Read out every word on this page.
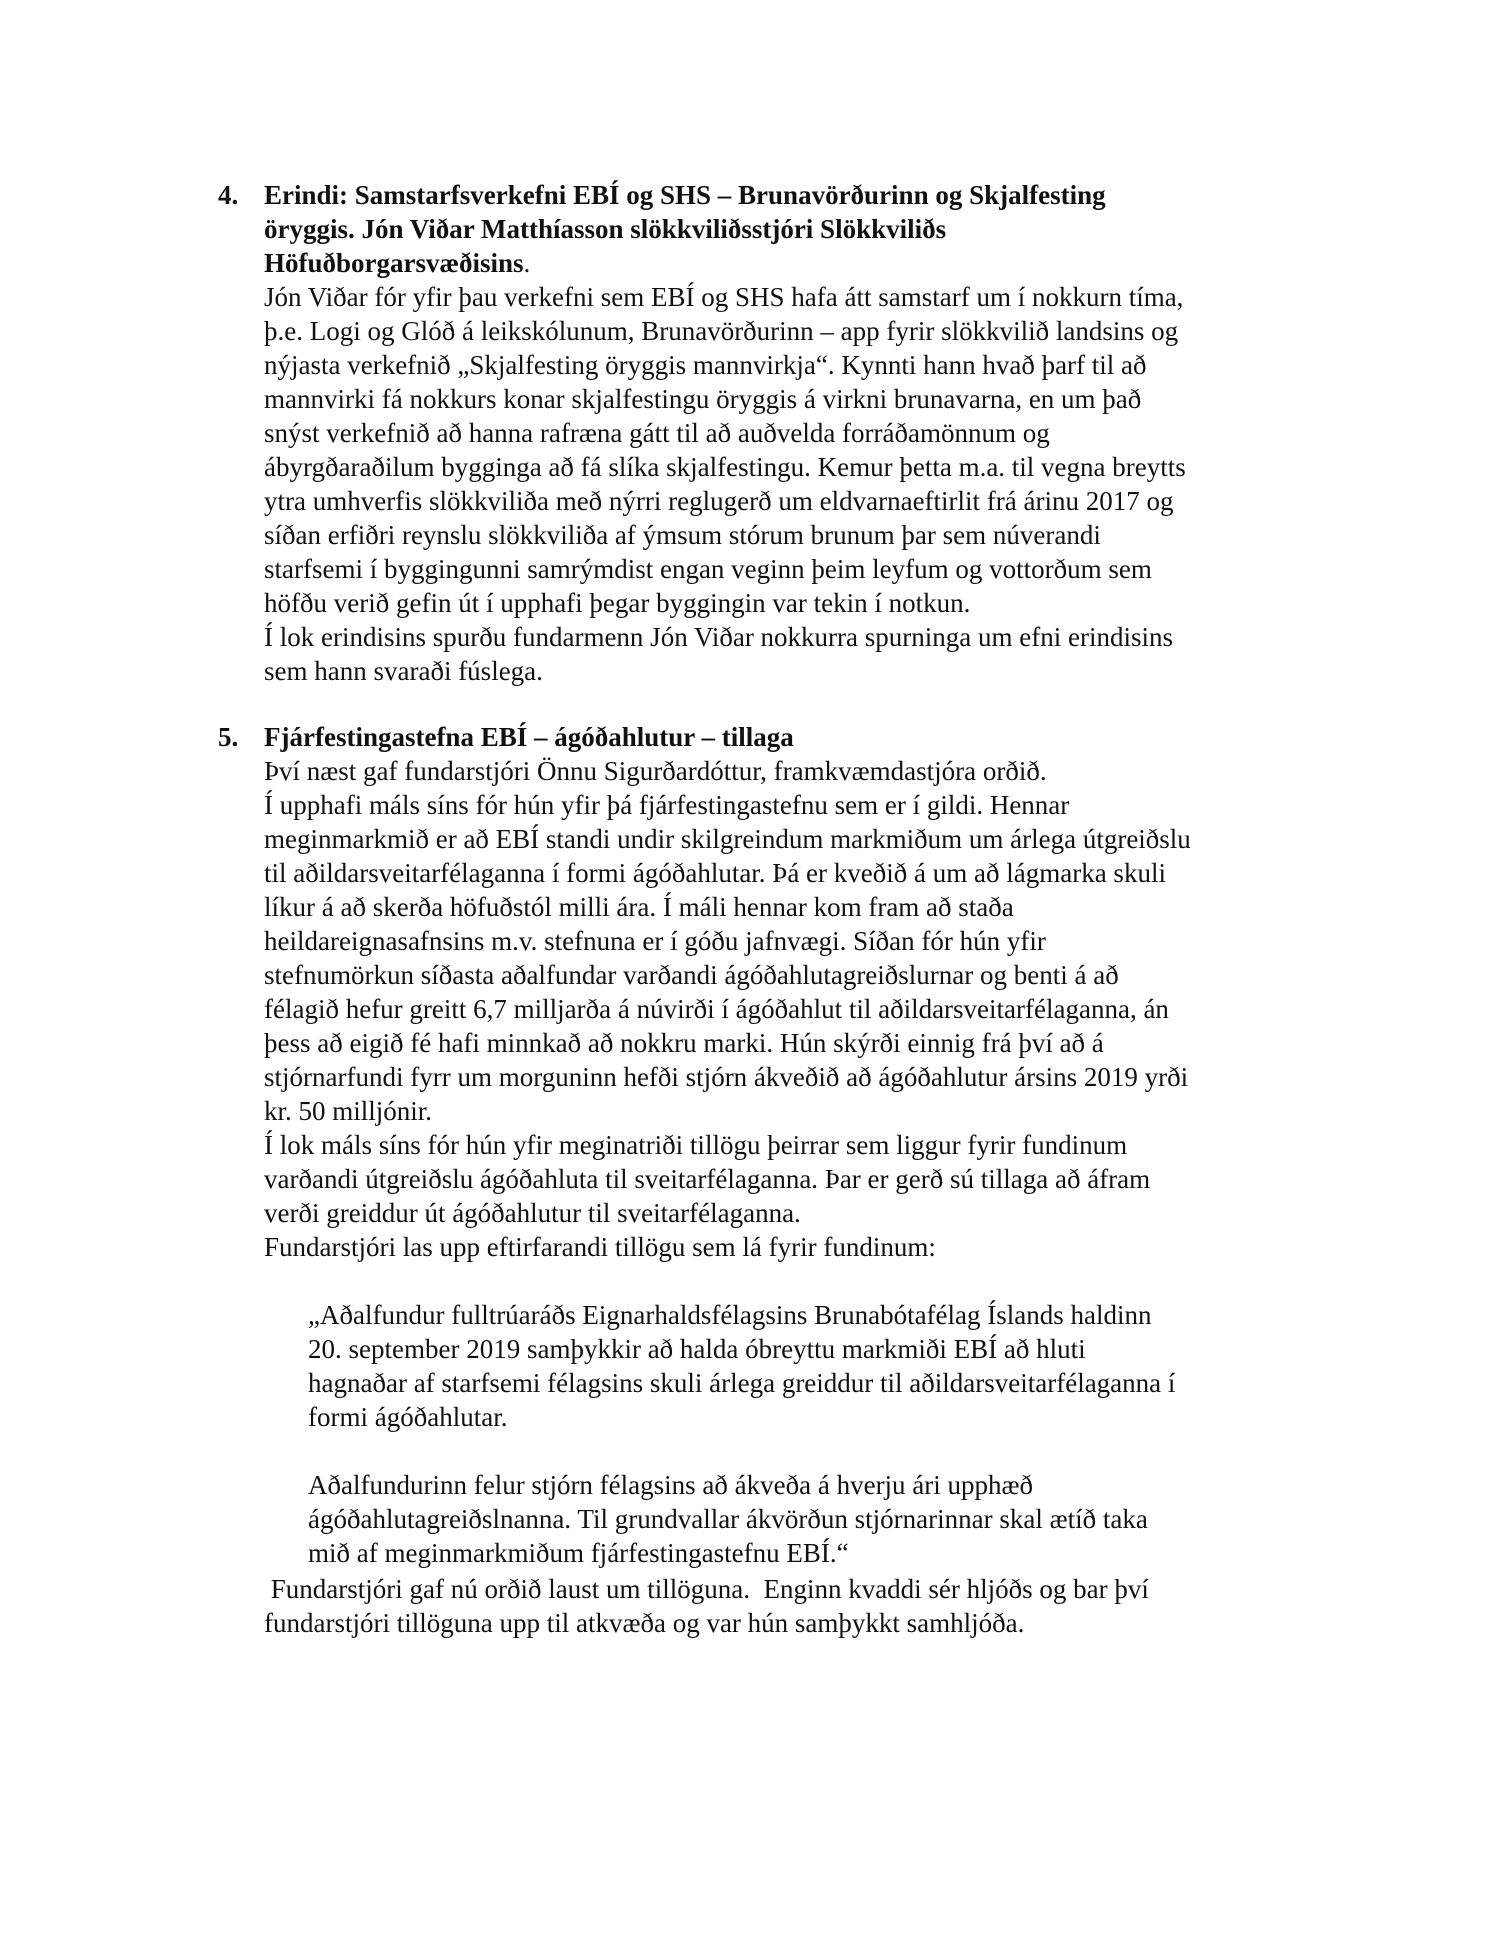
4. Erindi: Samstarfsverkefni EBÍ og SHS – Brunavörðurinn og Skjalfesting
öryggis. Jón Viðar Matthíasson slökkviliðsstjóri Slökkviliðs
Höfuðborgarsvæðisins.
Jón Viðar fór yfir þau verkefni sem EBÍ og SHS hafa átt samstarf um í nokkurn tíma,
þ.e. Logi og Glóð á leikskólunum, Brunavörðurinn – app fyrir slökkvilið landsins og
nýjasta verkefnið „Skjalfesting öryggis mannvirkja“. Kynnti hann hvað þarf til að
mannvirki fá nokkurs konar skjalfestingu öryggis á virkni brunavarna, en um það
snýst verkefnið að hanna rafræna gátt til að auðvelda forráðamönnum og
ábyrgðaraðilum bygginga að fá slíka skjalfestingu. Kemur þetta m.a. til vegna breytts
ytra umhverfis slökkviliða með nýrri reglugerð um eldvarnaeftirlit frá árinu 2017 og
síðan erfiðri reynslu slökkviliða af ýmsum stórum brunum þar sem núverandi
starfsemi í byggingunni samrýmdist engan veginn þeim leyfum og vottorðum sem
höfðu verið gefin út í upphafi þegar byggingin var tekin í notkun.
Í lok erindisins spurðu fundarmenn Jón Viðar nokkurra spurninga um efni erindisins
sem hann svaraði fúslega.
5. Fjárfestingastefna EBÍ – ágóðahlutur – tillaga
Því næst gaf fundarstjóri Önnu Sigurðardóttur, framkvæmdastjóra orðið.
Í upphafi máls síns fór hún yfir þá fjárfestingastefnu sem er í gildi. Hennar
meginmarkmið er að EBÍ standi undir skilgreindum markmiðum um árlega útgreiðslu
til aðildarsveitarfélaganna í formi ágóðahlutar. Þá er kveðið á um að lágmarka skuli
líkur á að skerða höfuðstól milli ára. Í máli hennar kom fram að staða
heildareignasafnsins m.v. stefnuna er í góðu jafnvægi. Síðan fór hún yfir
stefnumörkun síðasta aðalfundar varðandi ágóðahlutagreiðslurnar og benti á að
félagið hefur greitt 6,7 milljarða á núvirði í ágóðahlut til aðildarsveitarfélaganna, án
þess að eigið fé hafi minnkað að nokkru marki. Hún skýrði einnig frá því að á
stjórnarfundi fyrr um morguninn hefði stjórn ákveðið að ágóðahlutur ársins 2019 yrði
kr. 50 milljónir.
Í lok máls síns fór hún yfir meginatriði tillögu þeirrar sem liggur fyrir fundinum
varðandi útgreiðslu ágóðahluta til sveitarfélaganna. Þar er gerð sú tillaga að áfram
verði greiddur út ágóðahlutur til sveitarfélaganna.
Fundarstjóri las upp eftirfarandi tillögu sem lá fyrir fundinum:
„Aðalfundur fulltrúaráðs Eignarhaldsfélagsins Brunabótafélag Íslands haldinn
20. september 2019 samþykkir að halda óbreyttu markmiði EBÍ að hluti
hagnaðar af starfsemi félagsins skuli árlega greiddur til aðildarsveitarfélaganna í
formi ágóðahlutar.
Aðalfundurinn felur stjórn félagsins að ákveða á hverju ári upphæð
ágóðahlutagreiðslnanna. Til grundvallar ákvörðun stjórnarinnar skal ætíð taka
mið af meginmarkmiðum fjárfestingastefnu EBÍ.“
Fundarstjóri gaf nú orðið laust um tillöguna.  Enginn kvaddi sér hljóðs og bar því
fundarstjóri tillöguna upp til atkvæða og var hún samþykkt samhljóða.
